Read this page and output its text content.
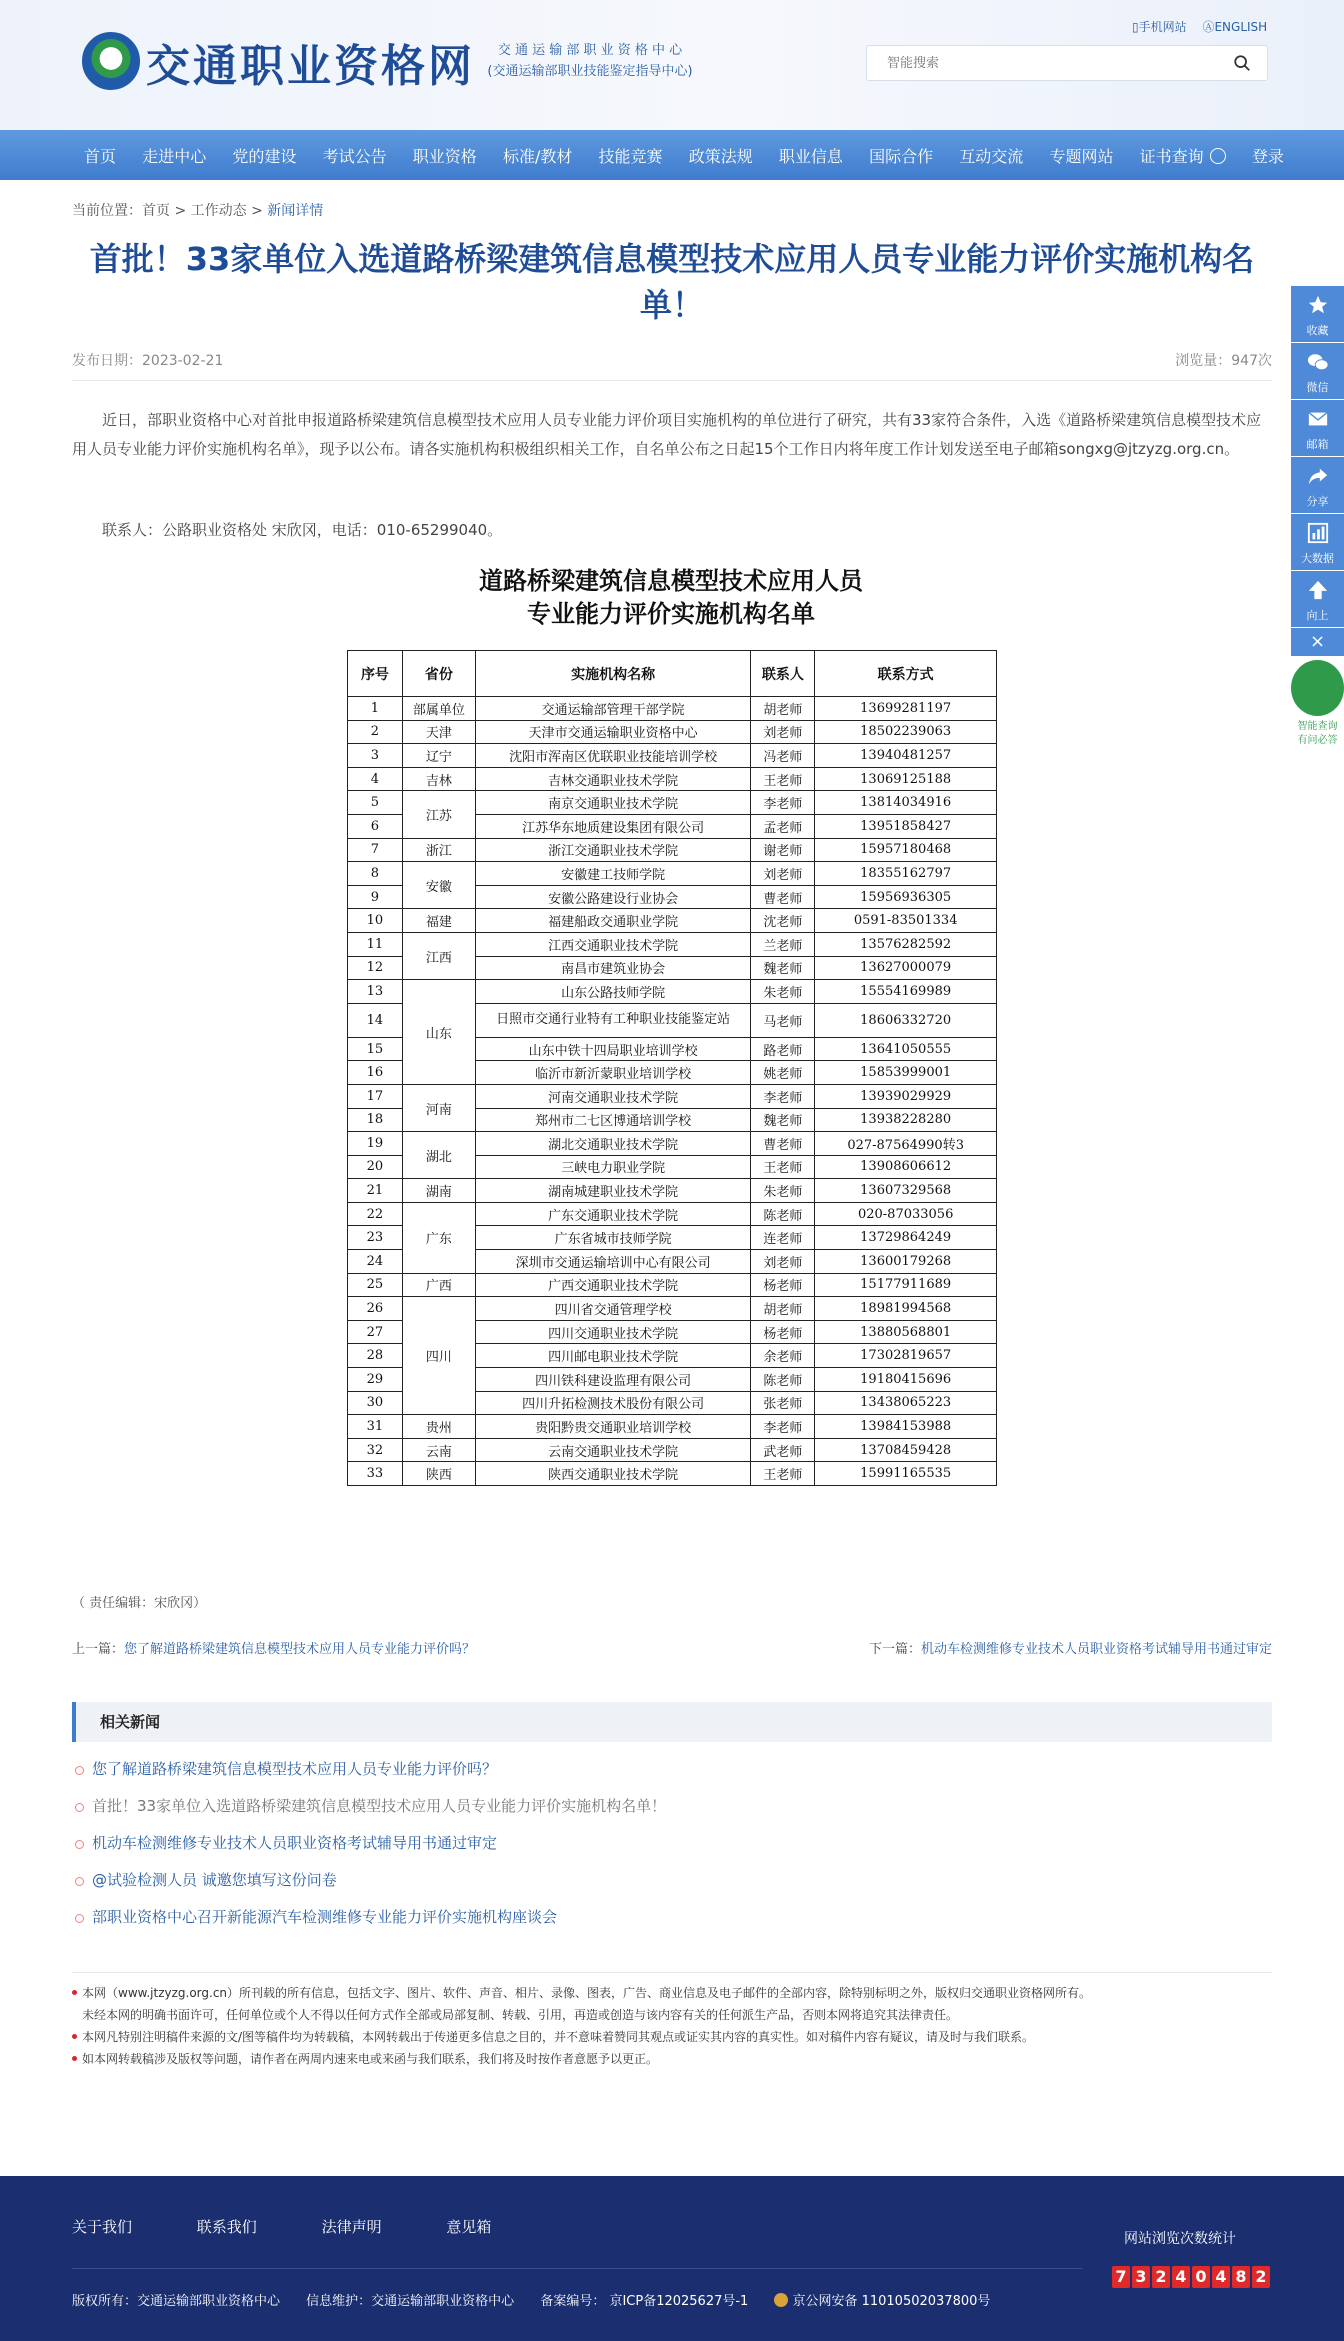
交通职业资格网	交 通 运 输 部 职 业 资 格 中 心
(交通运输部职业技能鉴定指导中心)
▯手机网站 ⒶENGLISH
智能搜索
首页 走进中心 党的建设 考试公告 职业资格 标准/教材 技能竞赛 政策法规 职业信息 国际合作 互动交流 专题网站 证书查询	登录
当前位置：首页 > 工作动态 > 新闻详情
首批！33家单位入选道路桥梁建筑信息模型技术应用人员专业能力评价实施机构名单！
发布日期：2023-02-21	浏览量：947次

近日，部职业资格中心对首批申报道路桥梁建筑信息模型技术应用人员专业能力评价项目实施机构的单位进行了研究，共有33家符合条件，入选《道路桥梁建筑信息模型技术应用人员专业能力评价实施机构名单》，现予以公布。请各实施机构积极组织相关工作，自名单公布之日起15个工作日内将年度工作计划发送至电子邮箱songxg@jtzyzg.org.cn。

联系人：公路职业资格处 宋欣冈，电话：010-65299040。

道路桥梁建筑信息模型技术应用人员
专业能力评价实施机构名单
序号	省份	实施机构名称	联系人	联系方式
1	部属单位	交通运输部管理干部学院	胡老师	13699281197
2	天津	天津市交通运输职业资格中心	刘老师	18502239063
3	辽宁	沈阳市浑南区优联职业技能培训学校	冯老师	13940481257
4	吉林	吉林交通职业技术学院	王老师	13069125188
5	江苏	南京交通职业技术学院	李老师	13814034916
6		江苏华东地质建设集团有限公司	孟老师	13951858427
7	浙江	浙江交通职业技术学院	谢老师	15957180468
8	安徽	安徽建工技师学院	刘老师	18355162797
9		安徽公路建设行业协会	曹老师	15956936305
10	福建	福建船政交通职业学院	沈老师	0591-83501334
11	江西	江西交通职业技术学院	兰老师	13576282592
12		南昌市建筑业协会	魏老师	13627000079
13	山东	山东公路技师学院	朱老师	15554169989
14		日照市交通行业特有工种职业技能鉴定站	马老师	18606332720
15		山东中铁十四局职业培训学校	路老师	13641050555
16		临沂市新沂蒙职业培训学校	姚老师	15853999001
17	河南	河南交通职业技术学院	李老师	13939029929
18		郑州市二七区博通培训学校	魏老师	13938228280
19	湖北	湖北交通职业技术学院	曹老师	027-87564990转3
20		三峡电力职业学院	王老师	13908606612
21	湖南	湖南城建职业技术学院	朱老师	13607329568
22	广东	广东交通职业技术学院	陈老师	020-87033056
23		广东省城市技师学院	连老师	13729864249
24		深圳市交通运输培训中心有限公司	刘老师	13600179268
25	广西	广西交通职业技术学院	杨老师	15177911689
26	四川	四川省交通管理学校	胡老师	18981994568
27		四川交通职业技术学院	杨老师	13880568801
28		四川邮电职业技术学院	余老师	17302819657
29		四川铁科建设监理有限公司	陈老师	19180415696
30		四川升拓检测技术股份有限公司	张老师	13438065223
31	贵州	贵阳黔贵交通职业培训学校	李老师	13984153988
32	云南	云南交通职业技术学院	武老师	13708459428
33	陕西	陕西交通职业技术学院	王老师	15991165535
（ 责任编辑：宋欣冈）
上一篇：您了解道路桥梁建筑信息模型技术应用人员专业能力评价吗？	下一篇：机动车检测维修专业技术人员职业资格考试辅导用书通过审定
相关新闻
您了解道路桥梁建筑信息模型技术应用人员专业能力评价吗？
首批！33家单位入选道路桥梁建筑信息模型技术应用人员专业能力评价实施机构名单！
机动车检测维修专业技术人员职业资格考试辅导用书通过审定
@试验检测人员 诚邀您填写这份问卷
部职业资格中心召开新能源汽车检测维修专业能力评价实施机构座谈会
本网（www.jtzyzg.org.cn）所刊载的所有信息，包括文字、图片、软件、声音、相片、录像、图表，广告、商业信息及电子邮件的全部内容，除特别标明之外，版权归交通职业资格网所有。
未经本网的明确书面许可，任何单位或个人不得以任何方式作全部或局部复制、转载、引用，再造或创造与该内容有关的任何派生产品，否则本网将追究其法律责任。
本网凡特别注明稿件来源的文/图等稿件均为转载稿，本网转载出于传递更多信息之目的，并不意味着赞同其观点或证实其内容的真实性。如对稿件内容有疑议，请及时与我们联系。
如本网转载稿涉及版权等问题，请作者在两周内速来电或来函与我们联系，我们将及时按作者意愿予以更正。
收藏
微信
邮箱
分享
大数据
向上
×
智能查询
有问必答
关于我们	联系我们	法律声明	意见箱
版权所有：交通运输部职业资格中心 信息维护：交通运输部职业资格中心 备案编号： 京ICP备12025627号-1	京公网安备 11010502037800号
网站浏览次数统计
7 3 2 4 0 4 8 2
